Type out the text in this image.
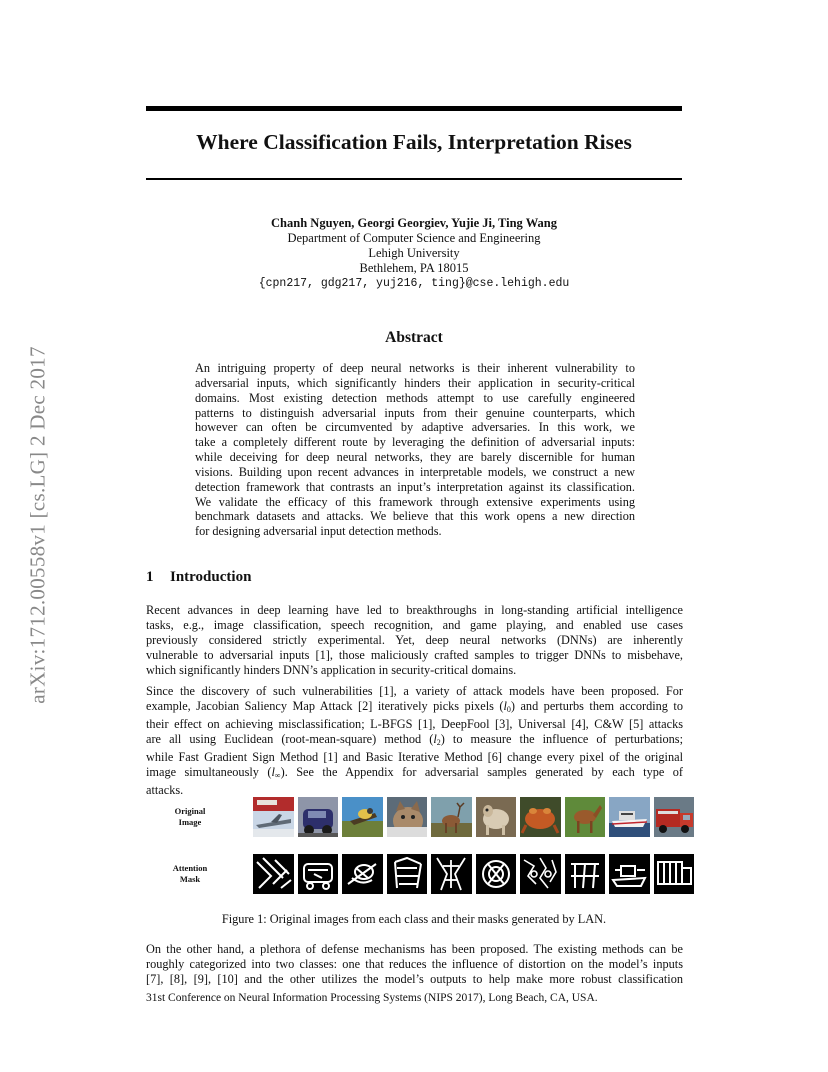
arXiv:1712.00558v1 [cs.LG] 2 Dec 2017
Where Classification Fails, Interpretation Rises
Chanh Nguyen, Georgi Georgiev, Yujie Ji, Ting Wang
Department of Computer Science and Engineering
Lehigh University
Bethlehem, PA 18015
{cpn217, gdg217, yuj216, ting}@cse.lehigh.edu
Abstract
An intriguing property of deep neural networks is their inherent vulnerability to
adversarial inputs, which significantly hinders their application in security-critical
domains. Most existing detection methods attempt to use carefully engineered
patterns to distinguish adversarial inputs from their genuine counterparts, which
however can often be circumvented by adaptive adversaries. In this work, we
take a completely different route by leveraging the definition of adversarial inputs:
while deceiving for deep neural networks, they are barely discernible for human
visions. Building upon recent advances in interpretable models, we construct a new
detection framework that contrasts an input’s interpretation against its classification.
We validate the efficacy of this framework through extensive experiments using
benchmark datasets and attacks. We believe that this work opens a new direction
for designing adversarial input detection methods.
1 Introduction
Recent advances in deep learning have led to breakthroughs in long-standing artificial intelligence
tasks, e.g., image classification, speech recognition, and game playing, and enabled use cases
previously considered strictly experimental. Yet, deep neural networks (DNNs) are inherently
vulnerable to adversarial inputs [1], those maliciously crafted samples to trigger DNNs to misbehave,
which significantly hinders DNN’s application in security-critical domains.
Since the discovery of such vulnerabilities [1], a variety of attack models have been proposed. For
example, Jacobian Saliency Map Attack [2] iteratively picks pixels $(l_0)$ and perturbs them according to
their effect on achieving misclassification; L-BFGS [1], DeepFool [3], Universal [4], C&W [5] attacks
are all using Euclidean (root-mean-square) method $(l_2)$ to measure the influence of perturbations;
while Fast Gradient Sign Method [1] and Basic Iterative Method [6] change every pixel of the original
image simultaneously $(l_\infty)$. See the Appendix for adversarial samples generated by each type of
attacks.
Original
Image
Attention
Mask
Figure 1: Original images from each class and their masks generated by LAN.
On the other hand, a plethora of defense mechanisms has been proposed. The existing methods can be
roughly categorized into two classes: one that reduces the influence of distortion on the model’s inputs
[7], [8], [9], [10] and the other utilizes the model’s outputs to help make more robust classification
31st Conference on Neural Information Processing Systems (NIPS 2017), Long Beach, CA, USA.
